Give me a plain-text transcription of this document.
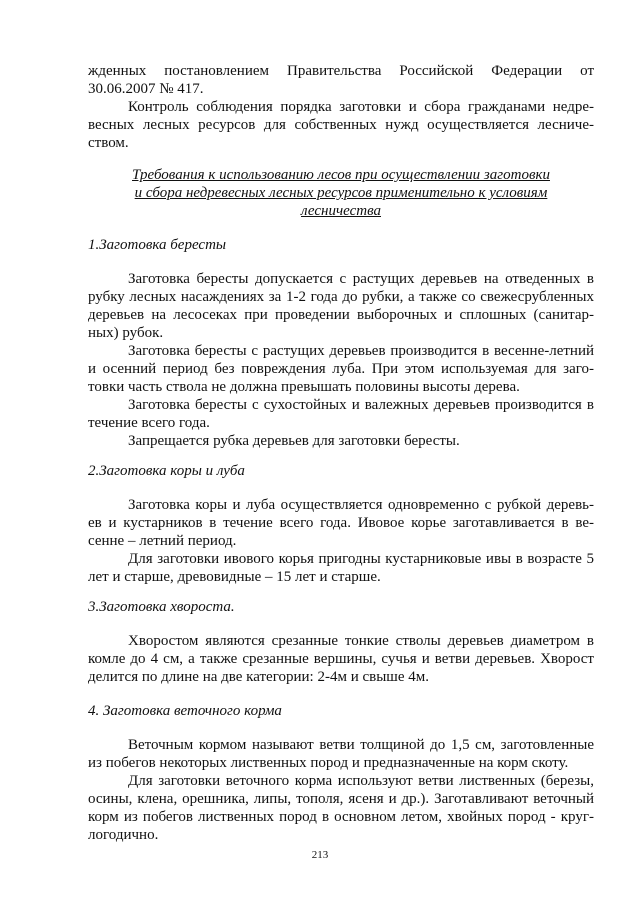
жденных постановлением Правительства Российской Федерации от
30.06.2007 № 417.

Контроль соблюдения порядка заготовки и сбора гражданами недре-
весных лесных ресурсов для собственных нужд осуществляется лесниче-
ством.

Требования к использованию лесов при осуществлении заготовки
и сбора недревесных лесных ресурсов применительно к условиям
лесничества

1.Заготовка бересты

Заготовка бересты допускается с растущих деревьев на отведенных в
рубку лесных насаждениях за 1-2 года до рубки, а также со свежесрубленных
деревьев на лесосеках при проведении выборочных и сплошных (санитар-
ных) рубок.

Заготовка бересты с растущих деревьев производится в весенне-летний
и осенний период без повреждения луба. При этом используемая для заго-
товки часть ствола не должна превышать половины высоты дерева.

Заготовка бересты с сухостойных и валежных деревьев производится в
течение всего года.

Запрещается рубка деревьев для заготовки бересты.

2.Заготовка коры и луба

Заготовка коры и луба осуществляется одновременно с рубкой деревь-
ев и кустарников в течение всего года. Ивовое корье заготавливается в ве-
сенне – летний период.

Для заготовки ивового корья пригодны кустарниковые ивы в возрасте 5
лет и старше, древовидные – 15 лет и старше.

3.Заготовка хвороста.

Хворостом являются срезанные тонкие стволы деревьев диаметром в
комле до 4 см, а также срезанные вершины, сучья и ветви деревьев. Хворост
делится по длине на две категории: 2-4м и свыше 4м.

4. Заготовка веточного корма

Веточным кормом называют ветви толщиной до 1,5 см, заготовленные
из побегов некоторых лиственных пород и предназначенные на корм скоту.

Для заготовки веточного корма используют ветви лиственных (березы,
осины, клена, орешника, липы, тополя, ясеня и др.). Заготавливают веточный
корм из побегов лиственных пород в основном летом, хвойных пород - круг-
логодично.

213
